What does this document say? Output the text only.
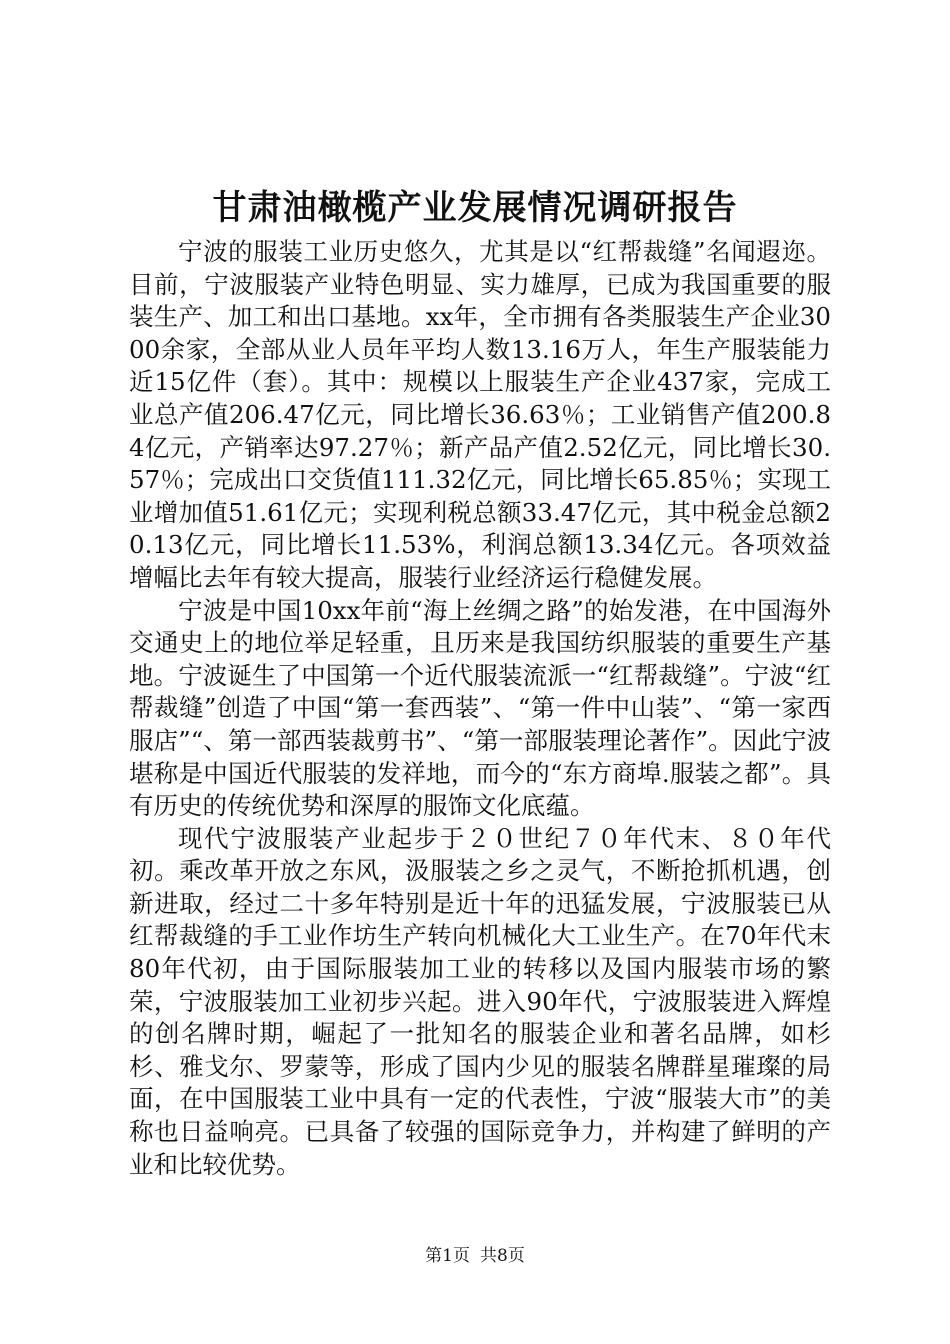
甘肃油橄榄产业发展情况调研报告

宁波的服装工业历史悠久，尤其是以“红帮裁缝”名闻遐迩。目前，宁波服装产业特色明显、实力雄厚，已成为我国重要的服装生产、加工和出口基地。xx年，全市拥有各类服装生产企业3000余家，全部从业人员年平均人数13.16万人，年生产服装能力近15亿件（套）。其中：规模以上服装生产企业437家，完成工业总产值206.47亿元，同比增长36.63％；工业销售产值200.84亿元，产销率达97.27％；新产品产值2.52亿元，同比增长30.57％；完成出口交货值111.32亿元，同比增长65.85％；实现工业增加值51.61亿元；实现利税总额33.47亿元，其中税金总额20.13亿元，同比增长11.53%，利润总额13.34亿元。各项效益增幅比去年有较大提高，服装行业经济运行稳健发展。

宁波是中国10xx年前“海上丝绸之路”的始发港，在中国海外交通史上的地位举足轻重，且历来是我国纺织服装的重要生产基地。宁波诞生了中国第一个近代服装流派一“红帮裁缝”。宁波“红帮裁缝”创造了中国“第一套西装”、“第一件中山装”、“第一家西服店”“、第一部西装裁剪书”、“第一部服装理论著作”。因此宁波堪称是中国近代服装的发祥地，而今的“东方商埠.服装之都”。具有历史的传统优势和深厚的服饰文化底蕴。

现代宁波服装产业起步于２０世纪７０年代末、８０年代初。乘改革开放之东风，汲服装之乡之灵气，不断抢抓机遇，创新进取，经过二十多年特别是近十年的迅猛发展，宁波服装已从红帮裁缝的手工业作坊生产转向机械化大工业生产。在70年代末80年代初，由于国际服装加工业的转移以及国内服装市场的繁荣，宁波服装加工业初步兴起。进入90年代，宁波服装进入辉煌的创名牌时期，崛起了一批知名的服装企业和著名品牌，如杉杉、雅戈尔、罗蒙等，形成了国内少见的服装名牌群星璀璨的局面，在中国服装工业中具有一定的代表性，宁波“服装大市”的美称也日益响亮。已具备了较强的国际竞争力，并构建了鲜明的产业和比较优势。

第1页 共8页
